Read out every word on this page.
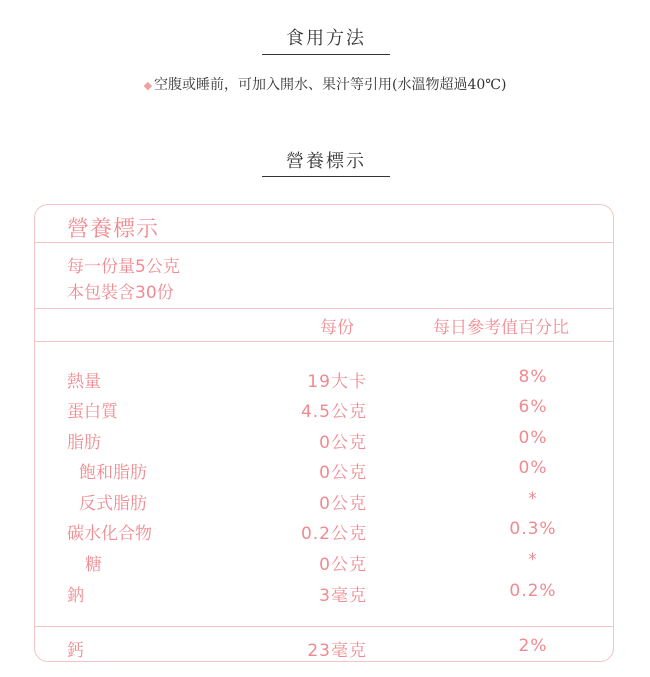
食用方法
◆ 空腹或睡前，可加入開水、果汁等引用(水溫物超過40℃)
營養標示
營養標示
每一份量5公克
本包裝含30份
每份	每日參考值百分比
熱量	19大卡	8%
蛋白質	4.5公克	6%
脂肪	0公克	0%
飽和脂肪	0公克	0%
反式脂肪	0公克	*
碳水化合物	0.2公克	0.3%
糖	0公克	*
鈉	3毫克	0.2%
鈣	23毫克	2%
